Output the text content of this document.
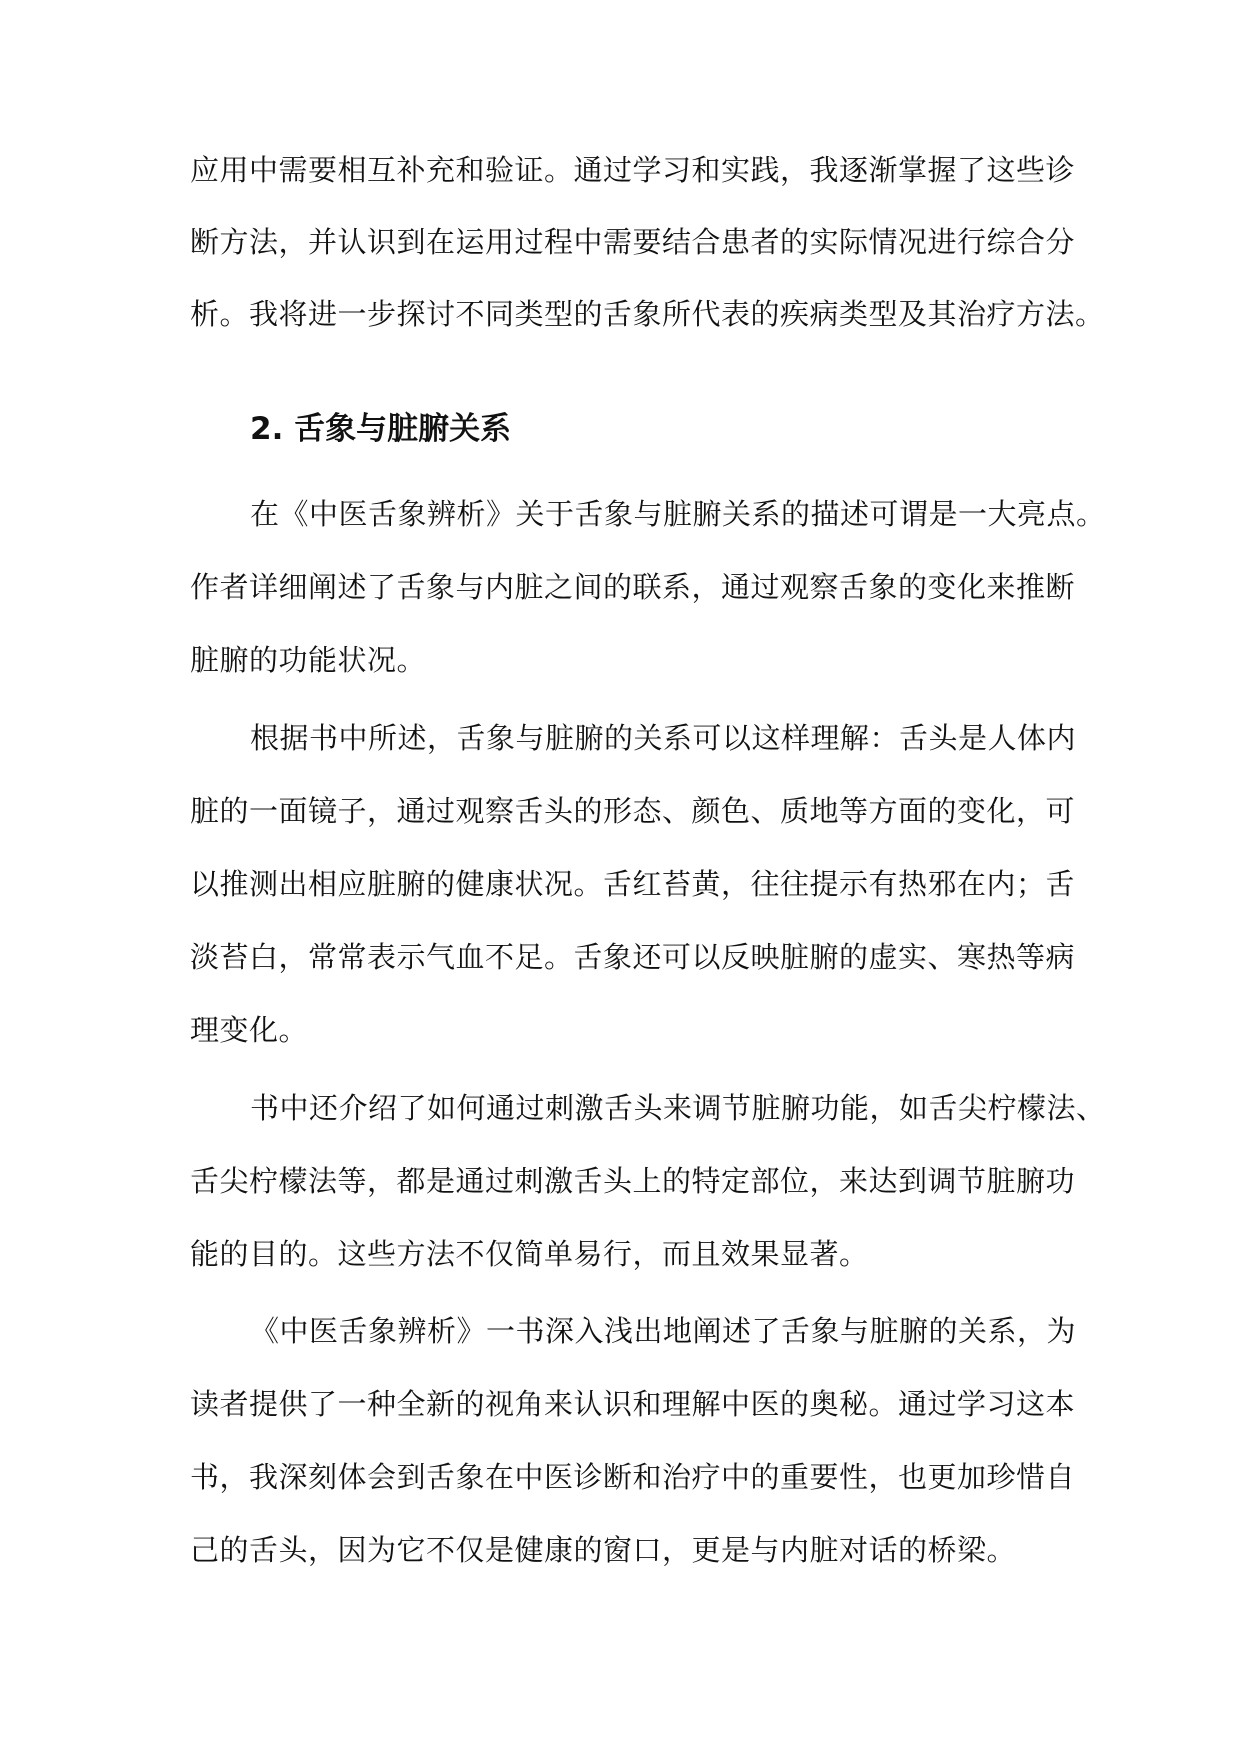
应用中需要相互补充和验证。通过学习和实践，我逐渐掌握了这些诊
断方法，并认识到在运用过程中需要结合患者的实际情况进行综合分
析。我将进一步探讨不同类型的舌象所代表的疾病类型及其治疗方法。
2. 舌象与脏腑关系
在《中医舌象辨析》关于舌象与脏腑关系的描述可谓是一大亮点。
作者详细阐述了舌象与内脏之间的联系，通过观察舌象的变化来推断
脏腑的功能状况。
根据书中所述，舌象与脏腑的关系可以这样理解：舌头是人体内
脏的一面镜子，通过观察舌头的形态、颜色、质地等方面的变化，可
以推测出相应脏腑的健康状况。舌红苔黄，往往提示有热邪在内；舌
淡苔白，常常表示气血不足。舌象还可以反映脏腑的虚实、寒热等病
理变化。
书中还介绍了如何通过刺激舌头来调节脏腑功能，如舌尖柠檬法、
舌尖柠檬法等，都是通过刺激舌头上的特定部位，来达到调节脏腑功
能的目的。这些方法不仅简单易行，而且效果显著。
《中医舌象辨析》一书深入浅出地阐述了舌象与脏腑的关系，为
读者提供了一种全新的视角来认识和理解中医的奥秘。通过学习这本
书，我深刻体会到舌象在中医诊断和治疗中的重要性，也更加珍惜自
己的舌头，因为它不仅是健康的窗口，更是与内脏对话的桥梁。
